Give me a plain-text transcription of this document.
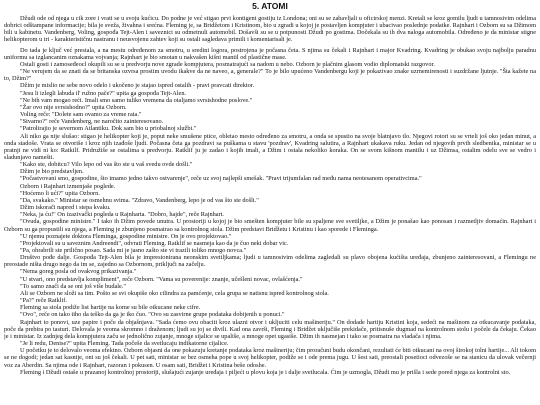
5. ATOMI

Džudi ode od njega u cik zore i vrati se u svoju kućicu. Do podne je već stigao prvi kontigent gostiju iz Londona; oni su se zabavljali u oficirskoj menzi. Kretali se kroz gomilu ljudi u tamnosivim odelima dobrici odštampane informacije; bila je sveža, živahna i srećna. Fleming je, sa Bridžetom i Kristinom, bio u zgradi u kojoj je postavljen kompjuter i ubacivao poslednje podatke. Rajnhart i Ozborn su sa Džimom bili u kabinetu. Vandenberg, Voling, gospođa Tejt-Alen i saveznici su odmetnuli automobil. Došavši su se u potpunosti Džudi po gostima. Dočekala su ih dva naloga automobila. Određeno je da ministar stigne helikopterom u tri - karakterističnu nastranu i neusvojenu zahtev koji su ostali sagledava primili i komentarisali je.

Do tada je ključ već prestala, a na mestu određenom za smotru, u sredini logora, postrojena je počasna četa. S njima su čekali i Rajnhart i major Kvadring. Kvadring je obukao svoju najbolju paradnu uniformu sa izglancanim oznakama vojvanja; Rajnhart je bio smotan u nakvašen kišni mantil od plastične mase.

Ostali gosti i zamoseđeocl okupili su se u predvorju nove zgrade kompjutera, posmatrajući sa nadom u nebo. Ozborn je plačnim glasom vodio diplomatski razgovor.

"Ne verujem da se znati da se britanska ozvrsa prostim uvodu ikakve da ne naveo, a, generale?" To je bilo upućeno Vandenbergu koji je pokazivao znake uzrnemirenosti i suzdržane ljutnje. "Šta kažete na to, Džim?"

Džim je mislio ne sebe novo odelo i ukočeno je stajao ispred ostalih - pravi pravcati direktor.

"Jesu li izlegli labuda il' ružno pače?" upita ga gospođa Tejt-Alen.

"Ne bih vam mogao reći. Imali smo samo tuliko vremena da otaljamo svrsishodne poslove."

"Žar ovo nije svrsishodno?" upita Ozborn.

Voling reče: "Dolete sam ovamo za vreme rata."

"Stvarno?" reče Vandenberg, ne naročito zainteresovano.

"Patrolirajio je severnom Atlantiku. Dok sam bio u priobalnoj službi."

Ali niko ga nije slušao: stigao je helikopter koji je, poput neke smušene ptice, obletao mesto određeno za smotru, a onda se spustio na svoje blatnjavo tlo. Njegovi rotori su se vrteli još oko jedan minut, a onda stadoše. Vrata se otvoriše i kroz njih izađoše ljudi. Počasna četa ga pozdravi sa puškama u stavu 'pozdrav', Kvadring salutira, a Rajnhart ukakava ruku. Jedan od njegovih prvih sledbenika, ministar se u pratnji ne vidi ni ko: Ratkilf. Pridružiše se ostalima u predvorju. Ratklif ju je zadao i kojih imali, a Džim i ostala nekoliko koraka. On se svom kišnom mantilu i uz Džimsa, ostalim odelu sve se vedro i sladunjavo namešti.

"Kako ste, dobitcu? Vilo lepo od vas što ste u vaš svedu ovde došli."

Džim je bio predstavljen.

"Počastvovani smo, gospodine, što imamo jedno takvo ostvarenje", reče uz svoj najlepši smešak. "Pravi trijumfalan rad među nama neotesanom operativcima."

Ozborn i Rajnhart izmenjaše poglede.

"Hoćemo li ući?" upita Ozborn.

"Da, svakako." Ministar se osmehnu svima. "Zdravo, Vandenberg, lepo je od vas što ste došli."

Džim iskorači napred i stepa kvaku.

"Neka, ja ću!" On izazivački pogleda u Rajnharta. "Dobro, hajde", reče Rajnhart.

"Ovuda, gospodine ministre." I tako ih Džim povede unutra. U prostoriji u kojoj je bio smešten kompjuter bile su spaljene sve svetiljke, a Džim je ponašao kao ponosan i razmetljiv domaćin. Rajnhart i Ozborn su ga propustili su njega, a Fleming je zbunjeno posmatrao sa kontrolnog stola. Džim predstavi Bridžetu i Kristinu i kao sporede i Fleminga.

"U njemu poznajete doktora Fleminga, gospodine ministre. On je ovo projektovao."

"Projektovali su u saveznim Andreendi", odvrati Fleming. Ratklif se nasmeja kao da je čuo neki dobar vic.

"Pa, ohrabrili ste prilično posao. Sada mi je jasno zašto ste vi trazili toliko mnogo novca."

Društvo pođe dalje. Gospođa Tejt-Alen bila je impresionirana neonskim svetiljkama; ljudi u tamnosivim odelima zagledali su plavo obojena kućišta uređaja, zbunjeno zainteresovani, a Flemingu ne preostade ništa drugo nego da im se, zajedno sa Ozbornom, priključi na začelju.

"Nema goreg posla od ovakvog prikazivanja."

"U stvari, ono predstavlja kompliment", reče Ozborn. "Vama su poverenije: znanje, učešleni novac, ovlašćenja."

"To samo znači da se oni još više budale."

Ali se Ozborn ne složi sa tim. Pošto se svi okupiše oko cilindra za pamćenje, cela grupa se natisnu ispred kontrolnog stola.

"Pa?" reče Ratklif.

Fleming sa stola podiže list hartije na kome su bile otkucane neke cifre.

"Ovo", reče on tako tiho da teško da ga je iko čuo. "Ovo su zasvirne grupe podataka dobijenih u ponuci."

Rajnhart to ponovi, uze papire i poče da objašnjava. "Sada ćemo ovu obaciti kroz ulazni otvor i ukljuciti celu mašineriju." On dodade hartiju Kristini koja, sedeći na mašinom za otkucavanje podataka, poče da prebira po tasturi. Delovala je veoma skromno i draženom; ljudi su joj se divili. Kad ona završi, Fleming i Bridžet uključiše prekidače, pritisnuše dugmad na kontrolnom stolu i počele da čekaju. Čekao je i ministar. Iz zadnjeg dela kompjutera začu se jednolično zujanje, mnoge sijalice se upališe, a mnoge opet ugasiše. Džim ih nasmejan i tako se posmatra na vladača i njima.

"Je li redu, Denise?" upita Fleming. Tada počeše da svetlucaju indikatorne cijalice.

U početku je to delovalo veoma efektno. Ozborn objasni da one pokazuju kretanje podataka kroz mašineriju; čim proračuni budu okončani, rezultati će biti otkucani na ovoj širokoj tolni hartije... Ali tokom se ne dogodi; jedan sat kasnije, oni su još čekali. U pet sati, ministar se bez osmeha pope u svoj helikopter, podiže se i ode prema jugu. U šest sati, preostali posetioci odvezoše se na stanicu da ulovak večernji voz za Aberdin. Sa njima ode i Rajnhart, razoran i pokusen. U osam sati, Bridžet i Kristina beše odoshe.

Fleming i Džudi ostaše u prazanoj kontrolnoj prostoriji, slušajući zujanje uređaja i piljeći u plovu kojа je i dalje svetlucala. Ćim je uzmogla, Džudi mu je prišla i sede pored njega za kontrolni sto.
